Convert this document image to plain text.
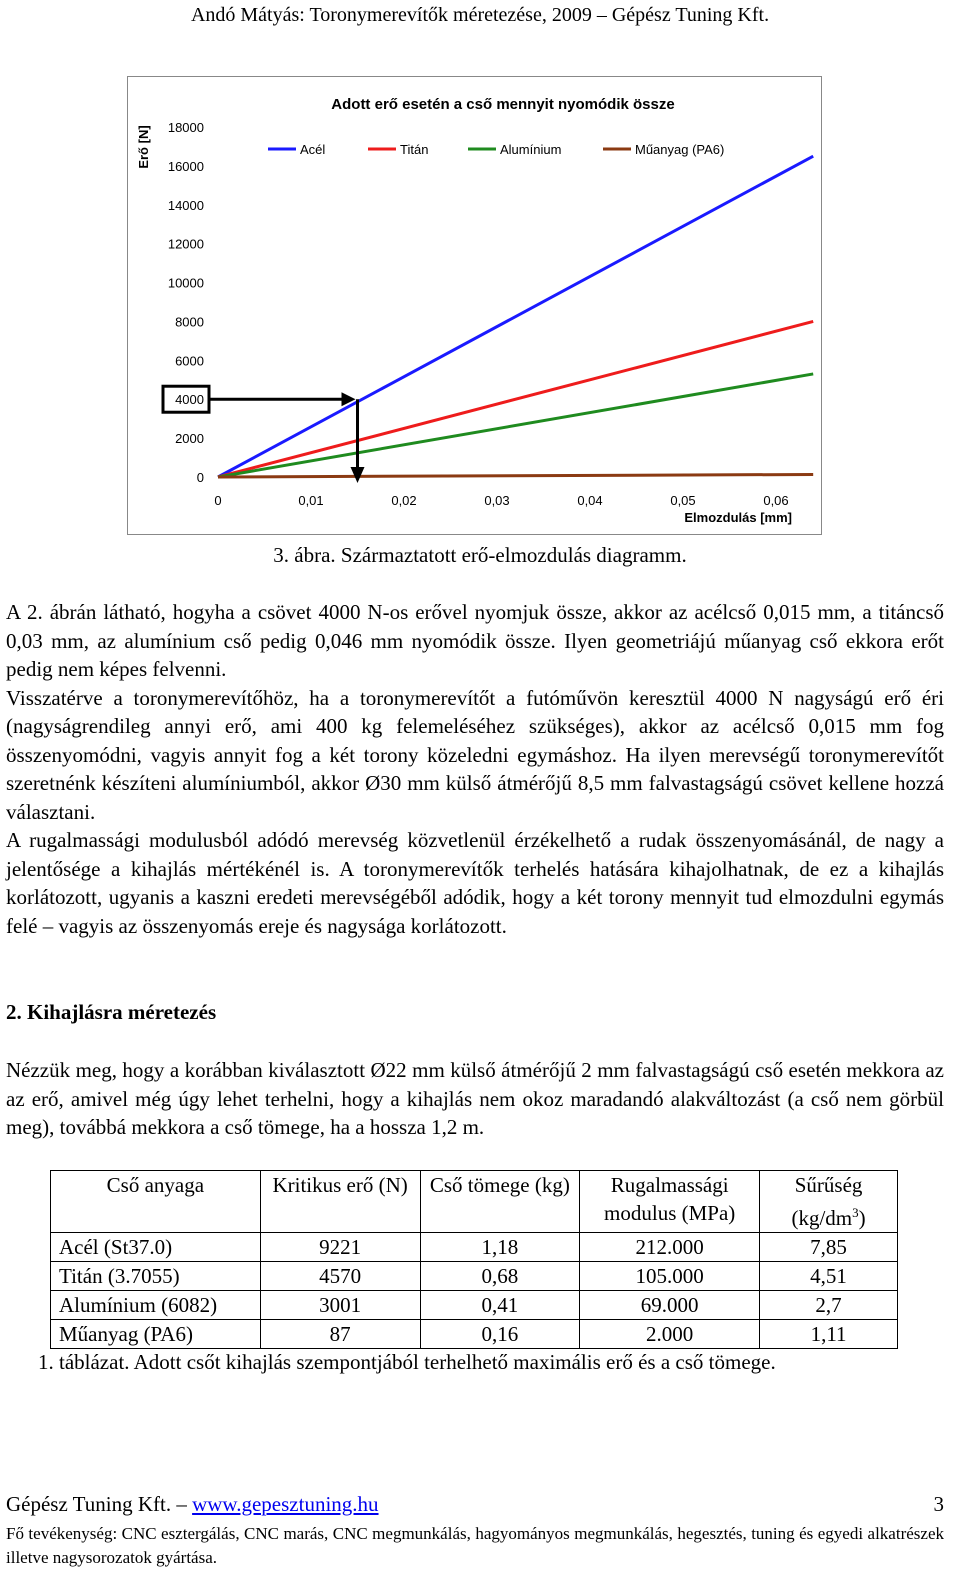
Andó Mátyás: Toronymerevítők méretezése, 2009 – Gépész Tuning Kft.
0
2000
4000
6000
8000
10000
12000
14000
16000
18000
0	0,01	0,02	0,03	0,04	0,05	0,06
Elmozdulás [mm]
Erő [N]
Adott erő esetén a cső mennyit nyomódik össze
Acél	Titán	Alumínium	Műanyag (PA6)
3. ábra. Származtatott erő-elmozdulás diagramm.

A 2. ábrán látható, hogyha a csövet 4000 N-os erővel nyomjuk össze, akkor az acélcső 0,015 mm, a titáncső 0,03 mm, az alumínium cső pedig 0,046 mm nyomódik össze. Ilyen geometriájú műanyag cső ekkora erőt pedig nem képes felvenni.

Visszatérve a toronymerevítőhöz, ha a toronymerevítőt a futóművön keresztül 4000 N nagyságú erő éri (nagyságrendileg annyi erő, ami 400 kg felemeléséhez szükséges), akkor az acélcső 0,015 mm fog összenyomódni, vagyis annyit fog a két torony közeledni egymáshoz. Ha ilyen merevségű toronymerevítőt szeretnénk készíteni alumíniumból, akkor Ø30 mm külső átmérőjű 8,5 mm falvastagságú csövet kellene hozzá választani.

A rugalmassági modulusból adódó merevség közvetlenül érzékelhető a rudak összenyomásánál, de nagy a jelentősége a kihajlás mértékénél is. A toronymerevítők terhelés hatására kihajolhatnak, de ez a kihajlás korlátozott, ugyanis a kaszni eredeti merevségéből adódik, hogy a két torony mennyit tud elmozdulni egymás felé – vagyis az összenyomás ereje és nagysága korlátozott.

2. Kihajlásra méretezés

Nézzük meg, hogy a korábban kiválasztott Ø22 mm külső átmérőjű 2 mm falvastagságú cső esetén mekkora az az erő, amivel még úgy lehet terhelni, hogy a kihajlás nem okoz maradandó alakváltozást (a cső nem görbül meg), továbbá mekkora a cső tömege, ha a hossza 1,2 m.

Cső anyaga	Kritikus erő (N)	Cső tömege (kg)	Rugalmassági modulus (MPa)	Sűrűség $(kg/dm^3)$
Acél (St37.0)	9221	1,18	212.000	7,85
Titán (3.7055)	4570	0,68	105.000	4,51
Alumínium (6082)	3001	0,41	69.000	2,7
Műanyag (PA6)	87	0,16	2.000	1,11
1. táblázat. Adott csőt kihajlás szempontjából terhelhető maximális erő és a cső tömege.
Gépész Tuning Kft. – www.gepesztuning.hu	3
Fő tevékenység: CNC esztergálás, CNC marás, CNC megmunkálás, hagyományos megmunkálás, hegesztés, tuning és egyedi alkatrészek illetve nagysorozatok gyártása.
